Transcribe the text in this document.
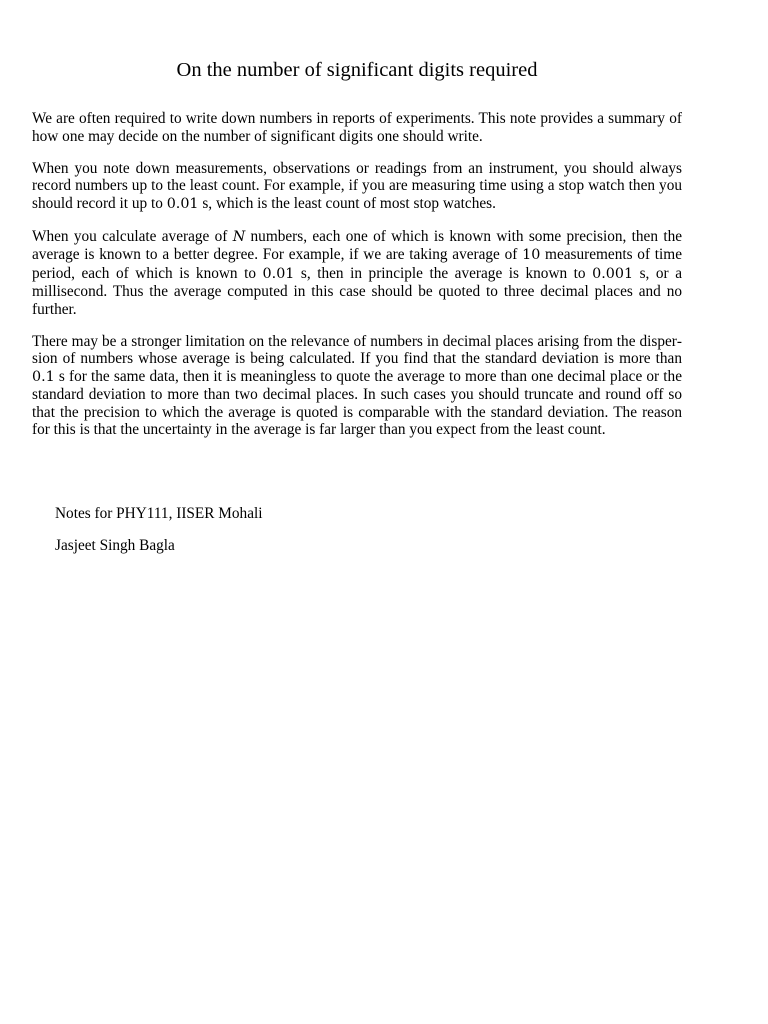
On the number of significant digits required

We are often required to write down numbers in reports of experiments. This note provides a summary of how one may decide on the number of significant digits one should write.

When you note down measurements, observations or readings from an instrument, you should always record numbers up to the least count. For example, if you are measuring time using a stop watch then you should record it up to 0.01 s, which is the least count of most stop watches.

When you calculate average of N numbers, each one of which is known with some precision, then the average is known to a better degree. For example, if we are taking average of 10 measurements of time period, each of which is known to 0.01 s, then in principle the average is known to 0.001 s, or a millisecond. Thus the average computed in this case should be quoted to three decimal places and no further.

There may be a stronger limitation on the relevance of numbers in decimal places arising from the dispersion of numbers whose average is being calculated. If you find that the standard deviation is more than 0.1 s for the same data, then it is meaningless to quote the average to more than one decimal place or the standard deviation to more than two decimal places. In such cases you should truncate and round off so that the precision to which the average is quoted is comparable with the standard deviation. The reason for this is that the uncertainty in the average is far larger than you expect from the least count.

Notes for PHY111, IISER Mohali

Jasjeet Singh Bagla
